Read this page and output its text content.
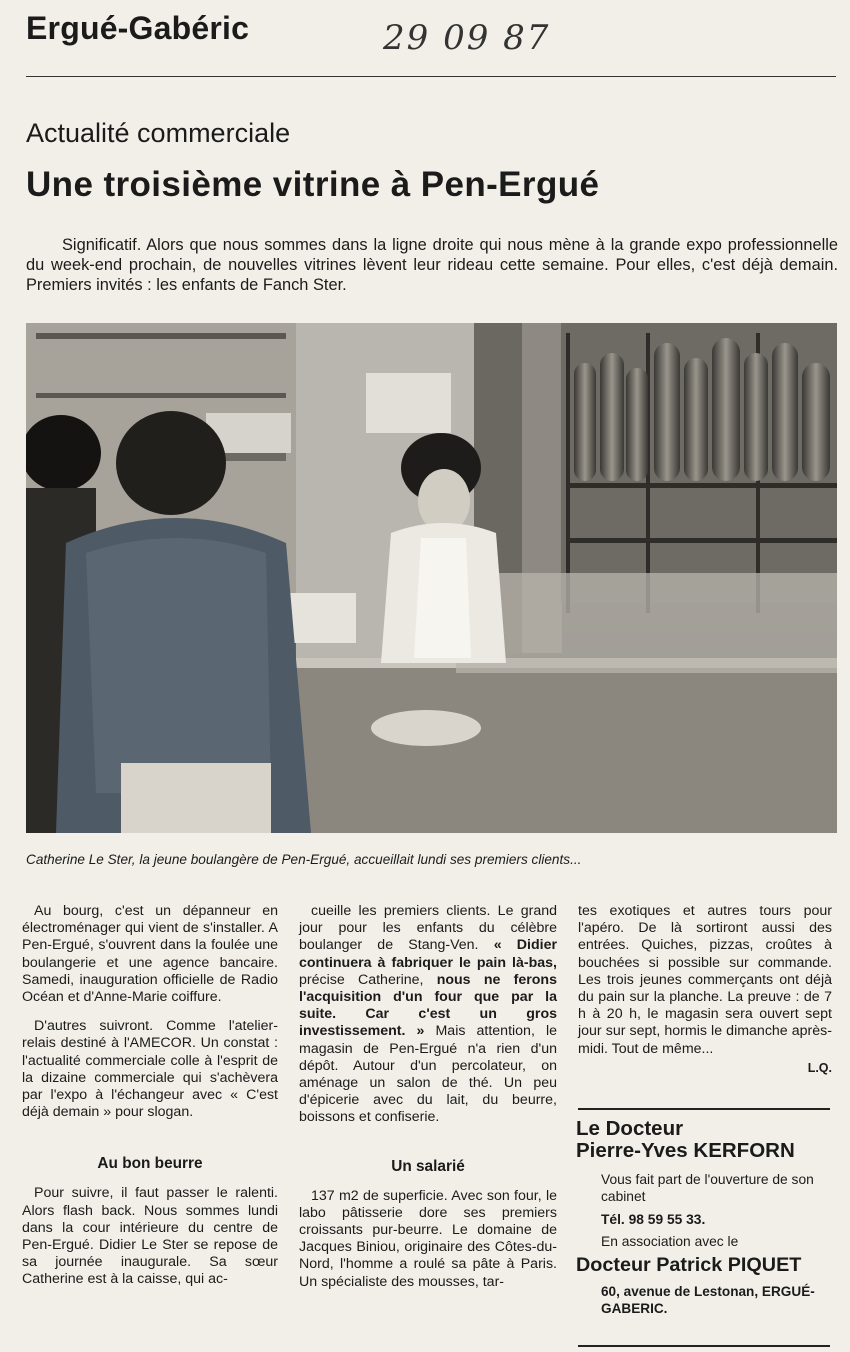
Ergué-Gabéric	29 09 87
Actualité commerciale
Une troisième vitrine à Pen-Ergué

Significatif. Alors que nous sommes dans la ligne droite qui nous mène à la grande expo professionnelle du week-end prochain, de nouvelles vitrines lèvent leur rideau cette semaine. Pour elles, c'est déjà demain. Premiers invités : les enfants de Fanch Ster.

Catherine Le Ster, la jeune boulangère de Pen-Ergué, accueillait lundi ses premiers clients...

Au bourg, c'est un dépanneur en électroménager qui vient de s'installer. A Pen-Ergué, s'ouvrent dans la foulée une boulangerie et une agence bancaire. Samedi, inauguration officielle de Radio Océan et d'Anne-Marie coiffure.

D'autres suivront. Comme l'atelier-relais destiné à l'AMECOR. Un constat : l'actualité commerciale colle à l'esprit de la dizaine commerciale qui s'achèvera par l'expo à l'échangeur avec « C'est déjà demain » pour slogan.

Au bon beurre

Pour suivre, il faut passer le ralenti. Alors flash back. Nous sommes lundi dans la cour intérieure du centre de Pen-Ergué. Didier Le Ster se repose de sa journée inaugurale. Sa sœur Catherine est à la caisse, qui ac-

cueille les premiers clients. Le grand jour pour les enfants du célèbre boulanger de Stang-Ven. « Didier continuera à fabriquer le pain là-bas, précise Catherine, nous ne ferons l'acquisition d'un four que par la suite. Car c'est un gros investissement. » Mais attention, le magasin de Pen-Ergué n'a rien d'un dépôt. Autour d'un percolateur, on aménage un salon de thé. Un peu d'épicerie avec du lait, du beurre, boissons et confiserie.

Un salarié

137 m2 de superficie. Avec son four, le labo pâtisserie dore ses premiers croissants pur-beurre. Le domaine de Jacques Biniou, originaire des Côtes-du-Nord, l'homme a roulé sa pâte à Paris. Un spécialiste des mousses, tar-

tes exotiques et autres tours pour l'apéro. De là sortiront aussi des entrées. Quiches, pizzas, croûtes à bouchées si possible sur commande. Les trois jeunes commerçants ont déjà du pain sur la planche. La preuve : de 7 h à 20 h, le magasin sera ouvert sept jour sur sept, hormis le dimanche après-midi. Tout de même...

L.Q.
Le Docteur
Pierre-Yves KERFORN
Vous fait part de l'ouverture de son cabinet
Tél. 98 59 55 33.
En association avec le
Docteur Patrick PIQUET
60, avenue de Lestonan, ERGUÉ-GABERIC.
